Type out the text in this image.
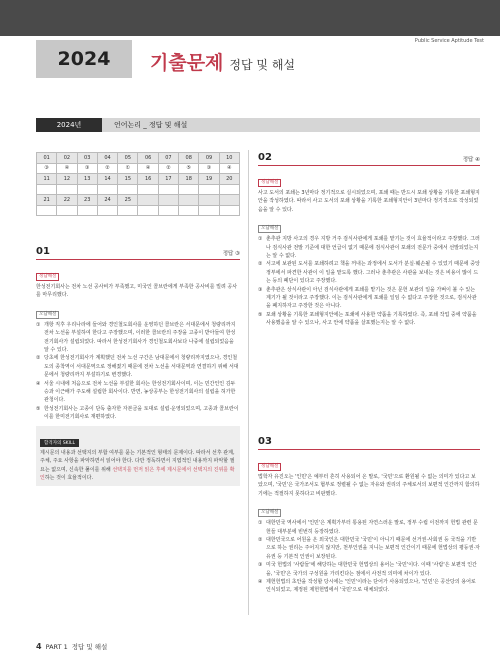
Public Service Aptitude Test
2024 기출문제 정답 및 해설
2024년	언어논리 _ 정답 및 해설
01	02	03	04	05	06	07	08	09	10
③	④	③	②	①	④	②	⑤	③	④
11	12	13	14	15	16	17	18	19	20

21	22	23	24	25					

01	정답 ③
정답해설
한성전기회사는 전차 노선 공사비가 부족했고, 미국인 콜브란에게 부족한 공사비를 빌려 공사를 마무리했다.
오답해설
① 개항 직후 우리나라에 들어와 경인철도회사를 운영하던 콜브란은 서대문에서 청량리까지 전차 노선을 부설하여 한다고 주장했으며, 이러한 콜브란의 주장을 고종이 받아들여 한성전기회사가 설립되었다. 따라서 한성전기회사가 경인철도회사보다 나중에 설립되었음을 알 수 있다.
② 당초에 한성전기회사가 계획했던 전차 노선 구간은 남대문에서 청량리까지였으나, 경인철도의 종착역이 서대문역으로 정해졌기 때문에 전차 노선을 서대문역과 연결하기 위해 서대문에서 청량리까지 부설하기로 변경했다.
④ 서울 시내에 처음으로 전차 노선을 부설한 회사는 한성전기회사이며, 이는 민간인인 김두승과 이근배가 주도해 설립한 회사이다. 반면, 농상공부는 한성전기회사의 설립을 허가한 관청이다.
⑤ 한성전기회사는 고종이 단독 출자한 자본금을 토대로 설립·운영되었으며, 고종과 콜브란이 이를 한미전기회사로 재편하였다.
합격자의 SKILL
제시문의 내용과 선택지의 부합 여부를 묻는 기본적인 형태의 문제이다. 따라서 선후 관계, 주체, 주요 사항을 파악하면서 읽어야 한다. 다만 정독하면서 지엽적인 내용까지 파악할 필요는 없으며, 신속한 풀이를 위해 선택지를 먼저 읽은 후에 제시문에서 선택지의 진위를 확인하는 것이 효율적이다.
02	정답 ④
정답해설
사고 도서의 포쇄는 3년마다 정기적으로 실시되었으며, 포쇄 때는 반드시 포쇄 상황을 기록한 포쇄형지안을 작성하였다. 따라서 사고 도서의 포쇄 상황을 기록한 포쇄형지안이 3년마다 정기적으로 작성되었음을 알 수 있다.
오답해설
① 춘추관 지방 사고의 경우 지방 거주 검식사관에게 포쇄를 맡기는 것이 효율적이라고 주장했다. 그러나 검식사관 전발 기준에 대한 언급이 없기 때문에 검식사관이 포쇄의 전문가 중에서 선발되었는지는 알 수 없다.
② 서고에 보관된 도서를 포쇄하려고 책을 꺼내는 과정에서 도서가 분실·훼손될 수 있었기 때문에 중앙 정부에서 파견한 사관이 이 일을 맡도록 했다. 그러나 춘추관은 사관을 보내는 것은 비용이 많이 드는 등의 폐단이 있다고 주장했다.
③ 춘추관은 상식사관이 아닌 검식사관에게 포쇄를 맡기는 것은 문헌 보관의 일을 가벼이 볼 수 있는 계기가 될 것이라고 주장했다. 이는 검식사관에게 포쇄를 일임 수 없다고 주장한 것으로, 검식사관을 폐지하자고 주장한 것은 아니다.
⑤ 포쇄 상황을 기록한 포쇄형지안에는 포쇄에 사용한 약품을 기록하였다. 즉, 포쇄 작업 중에 약품을 사용했음을 알 수 있으나, 사고 안에 약품을 살포했는지는 알 수 없다.
03
정답해설
법학자 유진오는 '인민'은 예부터 흔히 사용되어 온 말로, '국민'으로 환원될 수 없는 의미가 있다고 보았으며, '국민'은 국가조서도 협부로 정렬될 수 없는 자유와 권리의 주체로서의 보편적 인간까지 함의하기에는 적절하지 못하다고 비판했다.
오답해설
① 대한민국 역사에서 '인민'은 계획가부터 통용된 자연스러운 말로, 정부 수립 이전까지 헌법 관련 문헌들 대부분에 빈번히 등장하였다.
② 대한민국으로 어원을 온 외국인은 대한민국 '국민'이 아니기 때문에 선거권·사회권 등 국적을 기반으로 하는 권리는 주어지지 않지만, 천부인권을 지니는 보편적 인간이기 때문에 헌법상의 평등권·자유권 등 기본적 인권이 보장된다.
③ 미국 헌법의 '사람들'에 해당하는 대한민국 헌법상의 용어는 '국민'이다. 이때 '사람'은 보편적 인간을, '국민'은 국가의 구성원을 가리킨다는 점에서 사전적 의미에 차이가 있다.
④ 제헌헌법의 초안을 작성할 당시에는 '인민'이라는 단어가 사용되었으나, '인민'은 공산당의 용어로 인식되었고, 제정된 제헌헌법에서 '국민'으로 대체되었다.
4 PART 1 정답 및 해설
